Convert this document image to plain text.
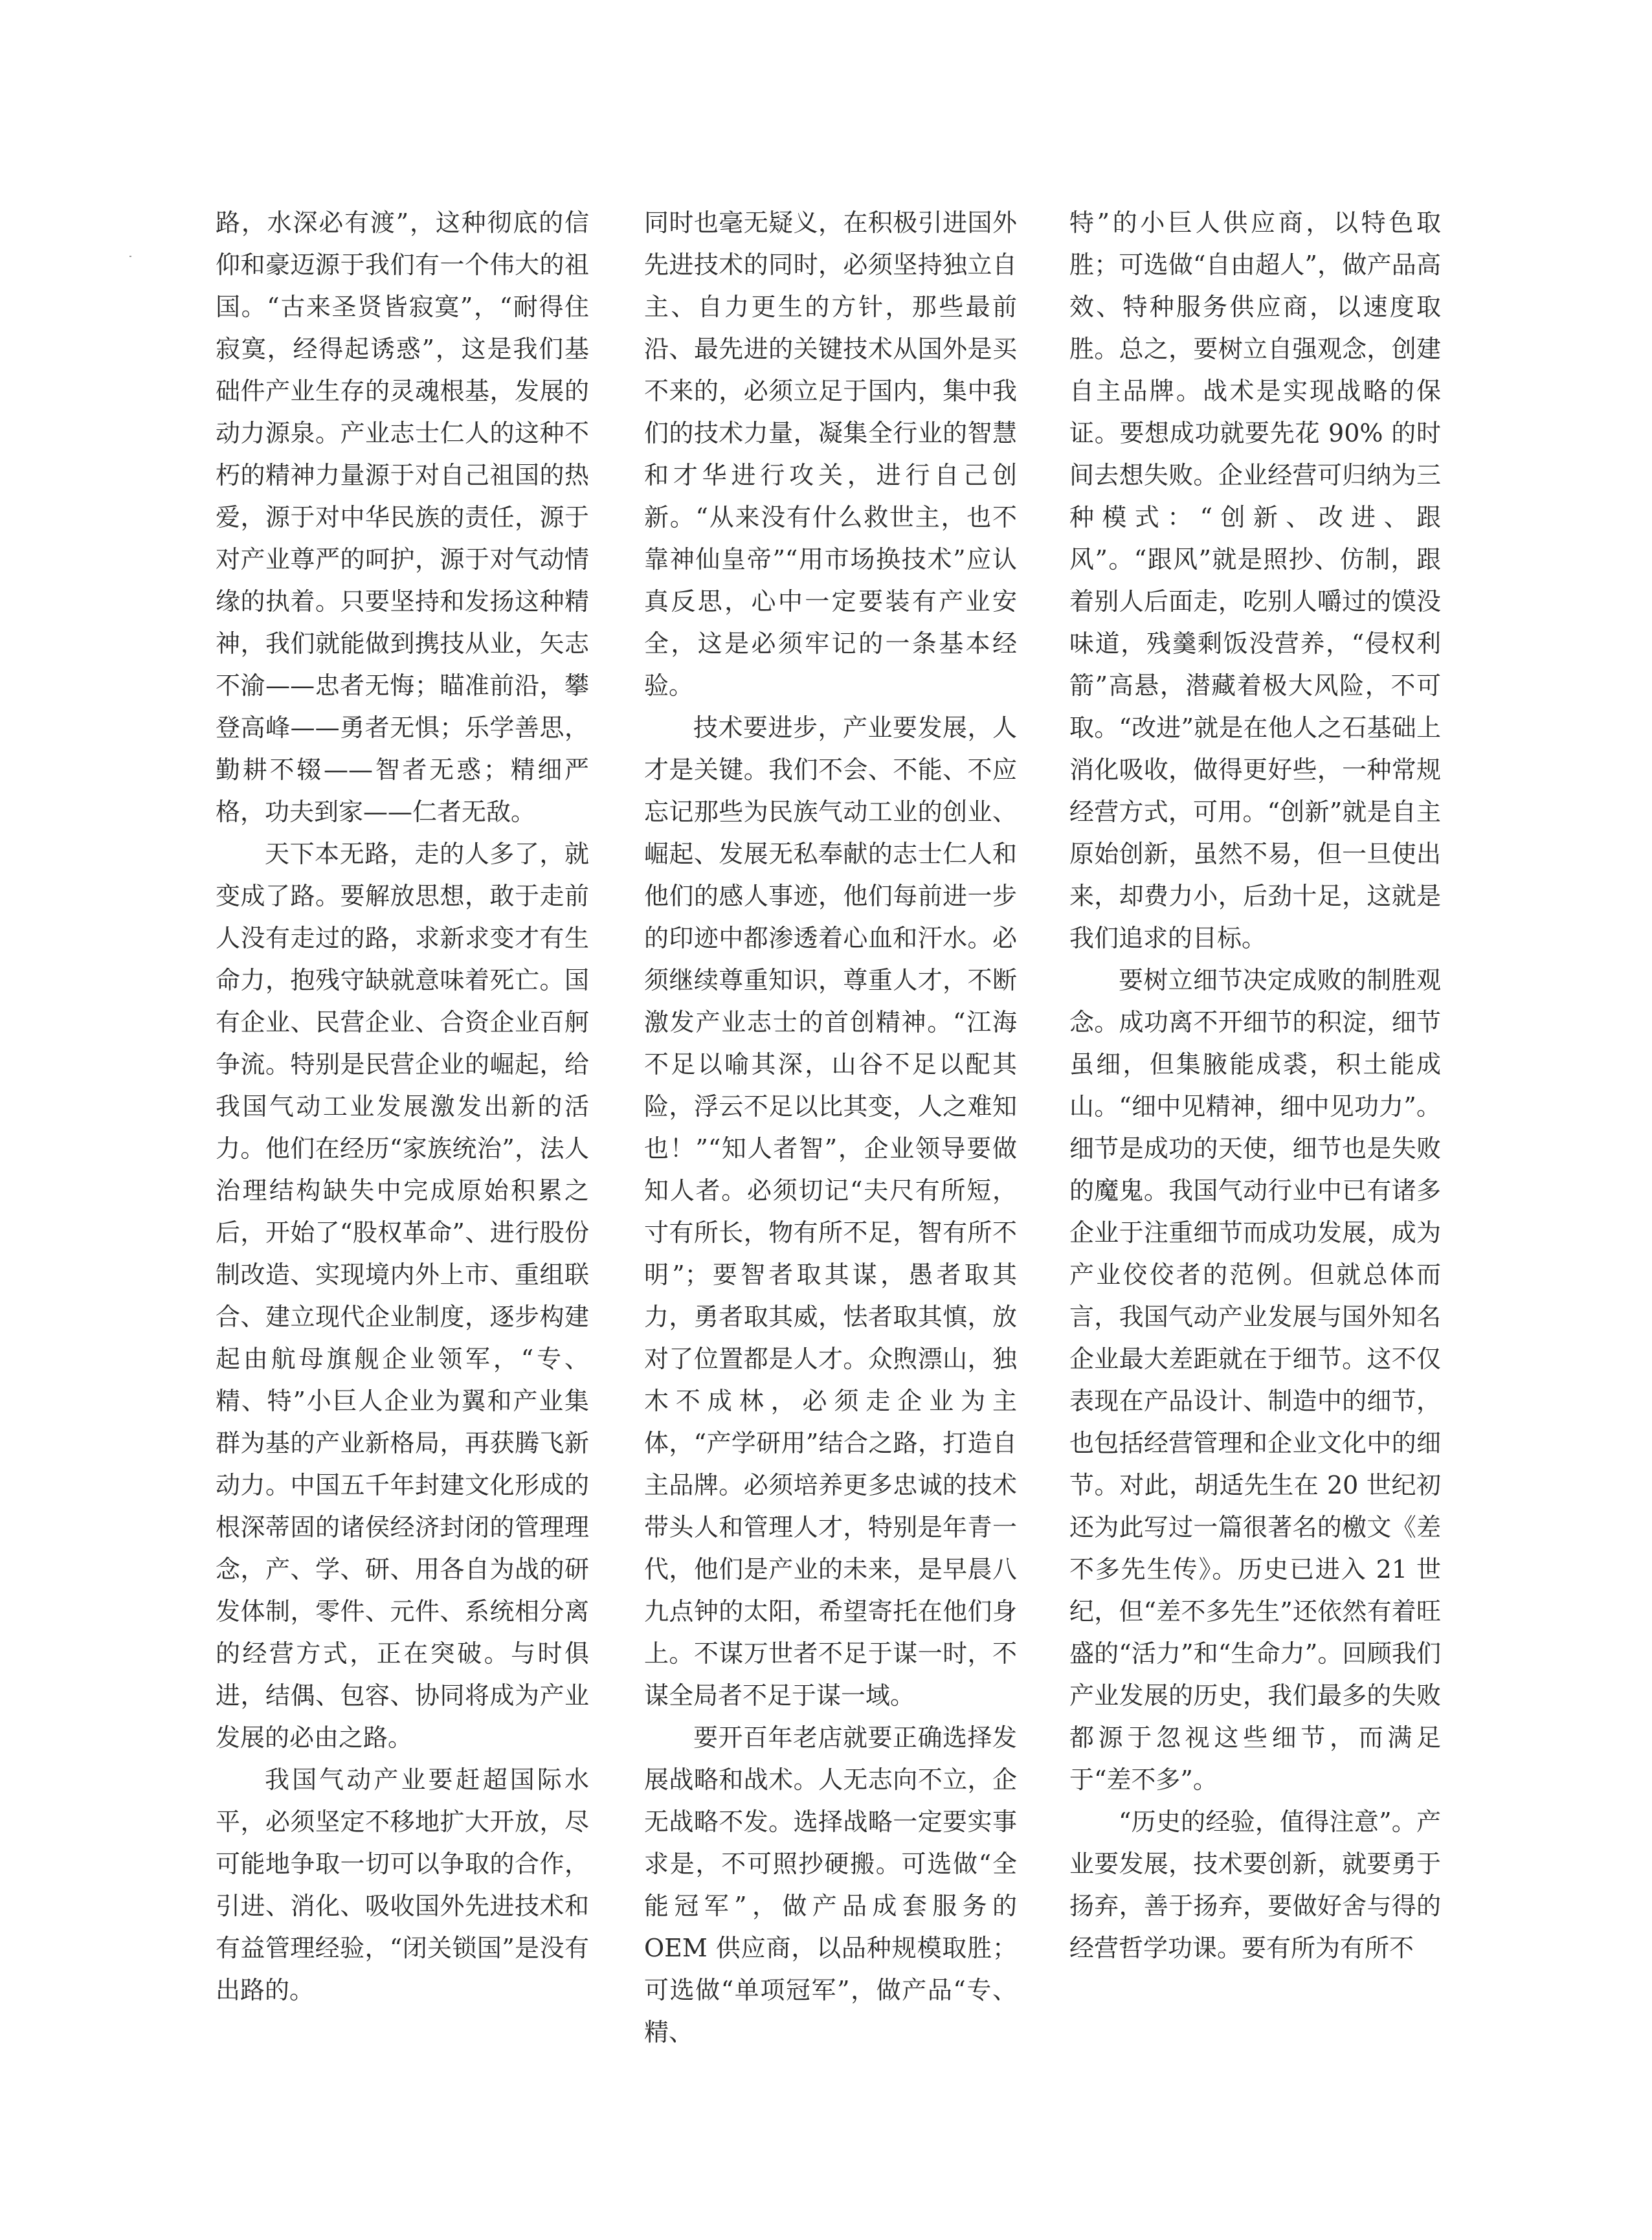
路，水深必有渡”，这种彻底的信仰和豪迈源于我们有一个伟大的祖国。“古来圣贤皆寂寞”，“耐得住寂寞，经得起诱惑”，这是我们基础件产业生存的灵魂根基，发展的动力源泉。产业志士仁人的这种不朽的精神力量源于对自己祖国的热爱，源于对中华民族的责任，源于对产业尊严的呵护，源于对气动情缘的执着。只要坚持和发扬这种精神，我们就能做到携技从业，矢志不渝——忠者无悔；瞄准前沿，攀登高峰——勇者无惧；乐学善思，勤耕不辍——智者无惑；精细严格，功夫到家——仁者无敌。

天下本无路，走的人多了，就变成了路。要解放思想，敢于走前人没有走过的路，求新求变才有生命力，抱残守缺就意味着死亡。国有企业、民营企业、合资企业百舸争流。特别是民营企业的崛起，给我国气动工业发展激发出新的活力。他们在经历“家族统治”，法人治理结构缺失中完成原始积累之后，开始了“股权革命”、进行股份制改造、实现境内外上市、重组联合、建立现代企业制度，逐步构建起由航母旗舰企业领军，“专、精、特”小巨人企业为翼和产业集群为基的产业新格局，再获腾飞新动力。中国五千年封建文化形成的根深蒂固的诸侯经济封闭的管理理念，产、学、研、用各自为战的研发体制，零件、元件、系统相分离的经营方式，正在突破。与时俱进，结偶、包容、协同将成为产业发展的必由之路。

我国气动产业要赶超国际水平，必须坚定不移地扩大开放，尽可能地争取一切可以争取的合作，引进、消化、吸收国外先进技术和有益管理经验，“闭关锁国”是没有出路的。

同时也毫无疑义，在积极引进国外先进技术的同时，必须坚持独立自主、自力更生的方针，那些最前沿、最先进的关键技术从国外是买不来的，必须立足于国内，集中我们的技术力量，凝集全行业的智慧和才华进行攻关，进行自己创新。“从来没有什么救世主，也不靠神仙皇帝”“用市场换技术”应认真反思，心中一定要装有产业安全，这是必须牢记的一条基本经验。

技术要进步，产业要发展，人才是关键。我们不会、不能、不应忘记那些为民族气动工业的创业、崛起、发展无私奉献的志士仁人和他们的感人事迹，他们每前进一步的印迹中都渗透着心血和汗水。必须继续尊重知识，尊重人才，不断激发产业志士的首创精神。“江海不足以喻其深，山谷不足以配其险，浮云不足以比其变，人之难知也！”“知人者智”，企业领导要做知人者。必须切记“夫尺有所短，寸有所长，物有所不足，智有所不明”；要智者取其谋，愚者取其力，勇者取其威，怯者取其慎，放对了位置都是人才。众煦漂山，独木不成林，必须走企业为主体，“产学研用”结合之路，打造自主品牌。必须培养更多忠诚的技术带头人和管理人才，特别是年青一代，他们是产业的未来，是早晨八九点钟的太阳，希望寄托在他们身上。不谋万世者不足于谋一时，不谋全局者不足于谋一域。

要开百年老店就要正确选择发展战略和战术。人无志向不立，企无战略不发。选择战略一定要实事求是，不可照抄硬搬。可选做“全能冠军”，做产品成套服务的 OEM 供应商，以品种规模取胜；可选做“单项冠军”，做产品“专、精、

特”的小巨人供应商，以特色取胜；可选做“自由超人”，做产品高效、特种服务供应商，以速度取胜。总之，要树立自强观念，创建自主品牌。战术是实现战略的保证。要想成功就要先花 90% 的时间去想失败。企业经营可归纳为三种模式：“创新、改进、跟风”。“跟风”就是照抄、仿制，跟着别人后面走，吃别人嚼过的馍没味道，残羹剩饭没营养，“侵权利箭”高悬，潜藏着极大风险，不可取。“改进”就是在他人之石基础上消化吸收，做得更好些，一种常规经营方式，可用。“创新”就是自主原始创新，虽然不易，但一旦使出来，却费力小，后劲十足，这就是我们追求的目标。

要树立细节决定成败的制胜观念。成功离不开细节的积淀，细节虽细，但集腋能成裘，积土能成山。“细中见精神，细中见功力”。细节是成功的天使，细节也是失败的魔鬼。我国气动行业中已有诸多企业于注重细节而成功发展，成为产业佼佼者的范例。但就总体而言，我国气动产业发展与国外知名企业最大差距就在于细节。这不仅表现在产品设计、制造中的细节，也包括经营管理和企业文化中的细节。对此，胡适先生在 20 世纪初还为此写过一篇很著名的檄文《差不多先生传》。历史已进入 21 世纪，但“差不多先生”还依然有着旺盛的“活力”和“生命力”。回顾我们产业发展的历史，我们最多的失败都源于忽视这些细节，而满足于“差不多”。

“历史的经验，值得注意”。产业要发展，技术要创新，就要勇于扬弃，善于扬弃，要做好舍与得的经营哲学功课。要有所为有所不
